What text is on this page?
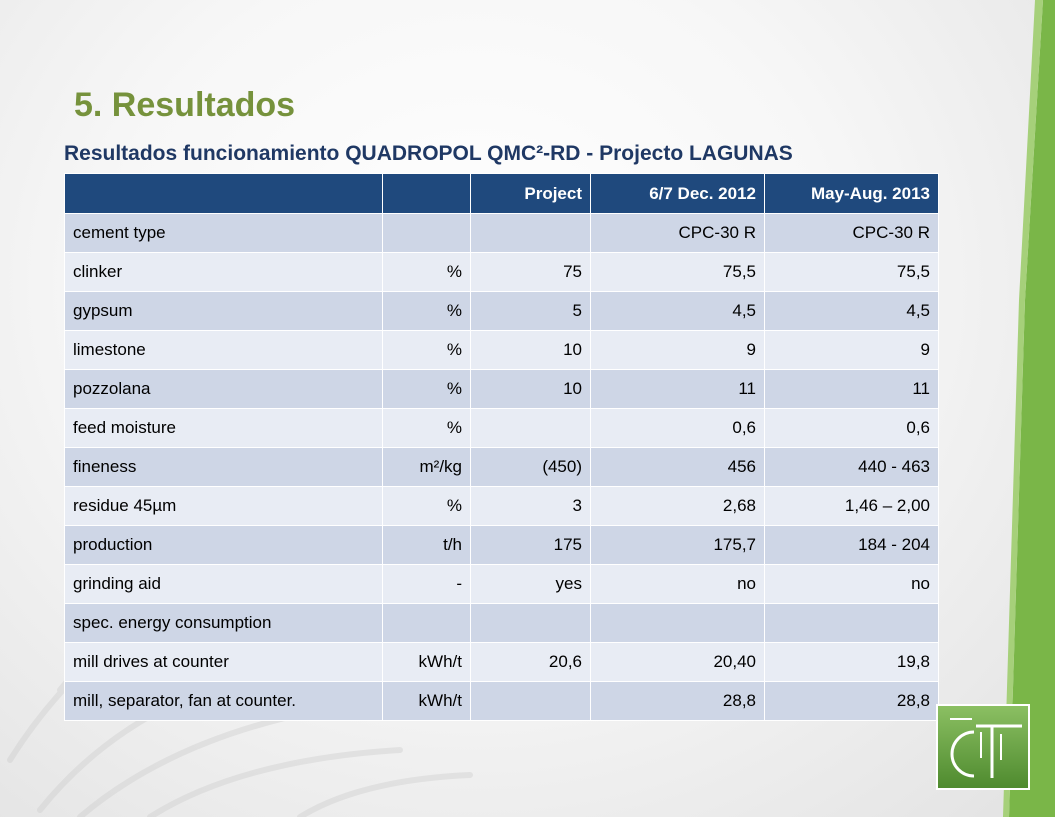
5. Resultados
Resultados funcionamiento QUADROPOL QMC²-RD - Projecto LAGUNAS
		Project	6/7 Dec. 2012	May-Aug. 2013
cement type			CPC-30 R	CPC-30 R
clinker	%	75	75,5	75,5
gypsum	%	5	4,5	4,5
limestone	%	10	9	9
pozzolana	%	10	11	11
feed moisture	%		0,6	0,6
fineness	m²/kg	(450)	456	440 - 463
residue 45µm	%	3	2,68	1,46 – 2,00
production	t/h	175	175,7	184 - 204
grinding aid	-	yes	no	no
spec. energy consumption				
mill drives at counter	kWh/t	20,6	20,40	19,8
mill, separator, fan at counter.	kWh/t		28,8	28,8
